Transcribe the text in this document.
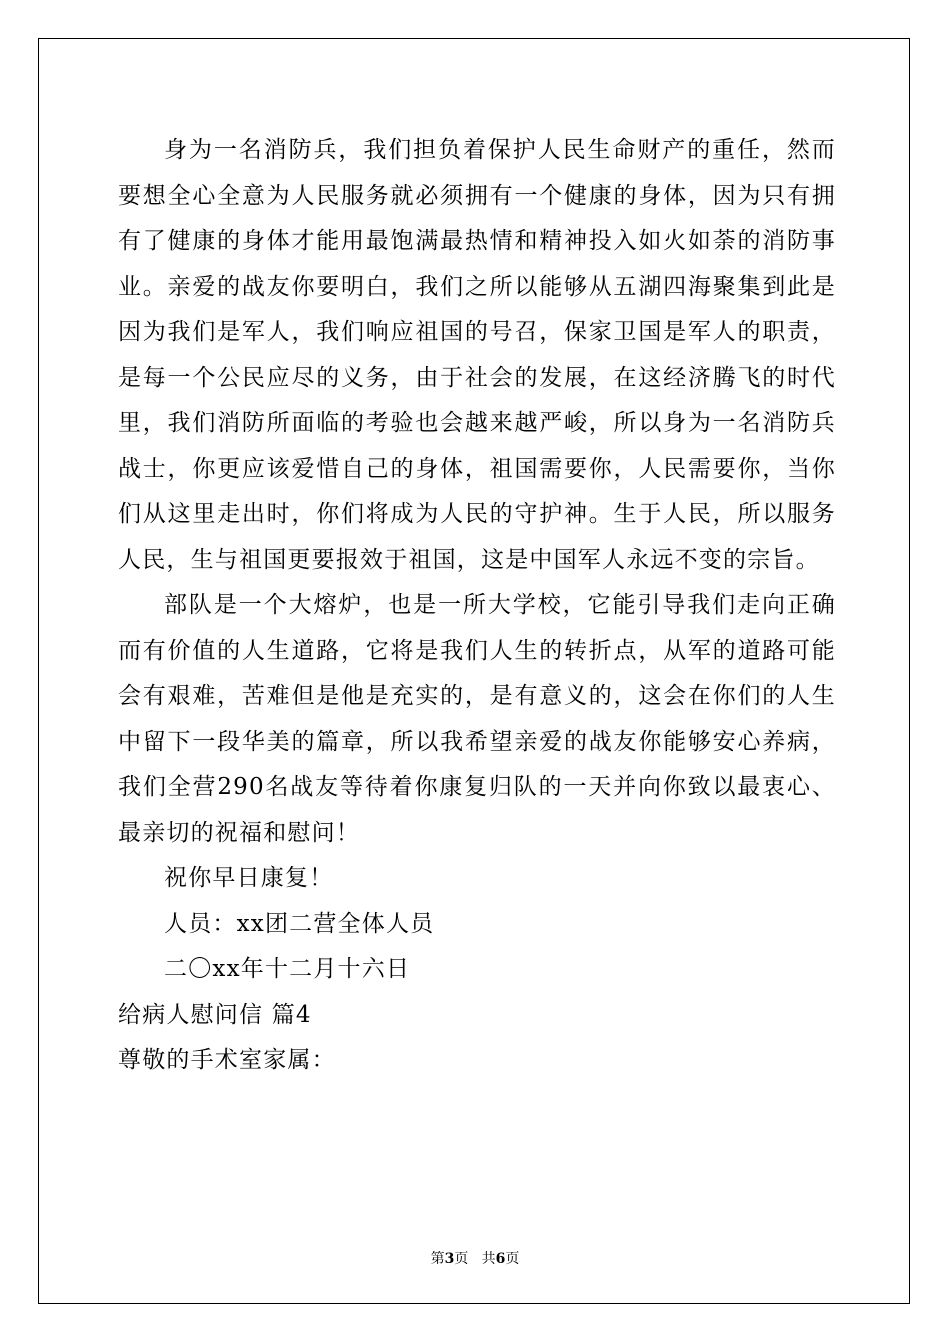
身为一名消防兵，我们担负着保护人民生命财产的重任，然而要想全心全意为人民服务就必须拥有一个健康的身体，因为只有拥有了健康的身体才能用最饱满最热情和精神投入如火如荼的消防事业。亲爱的战友你要明白，我们之所以能够从五湖四海聚集到此是因为我们是军人，我们响应祖国的号召，保家卫国是军人的职责，是每一个公民应尽的义务，由于社会的发展，在这经济腾飞的时代里，我们消防所面临的考验也会越来越严峻，所以身为一名消防兵战士，你更应该爱惜自己的身体，祖国需要你，人民需要你，当你们从这里走出时，你们将成为人民的守护神。生于人民，所以服务人民，生与祖国更要报效于祖国，这是中国军人永远不变的宗旨。

部队是一个大熔炉，也是一所大学校，它能引导我们走向正确而有价值的人生道路，它将是我们人生的转折点，从军的道路可能会有艰难，苦难但是他是充实的，是有意义的，这会在你们的人生中留下一段华美的篇章，所以我希望亲爱的战友你能够安心养病，我们全营290名战友等待着你康复归队的一天并向你致以最衷心、最亲切的祝福和慰问！

祝你早日康复！

人员：xx团二营全体人员

二〇xx年十二月十六日

给病人慰问信 篇4

尊敬的手术室家属：

第3页   共6页
